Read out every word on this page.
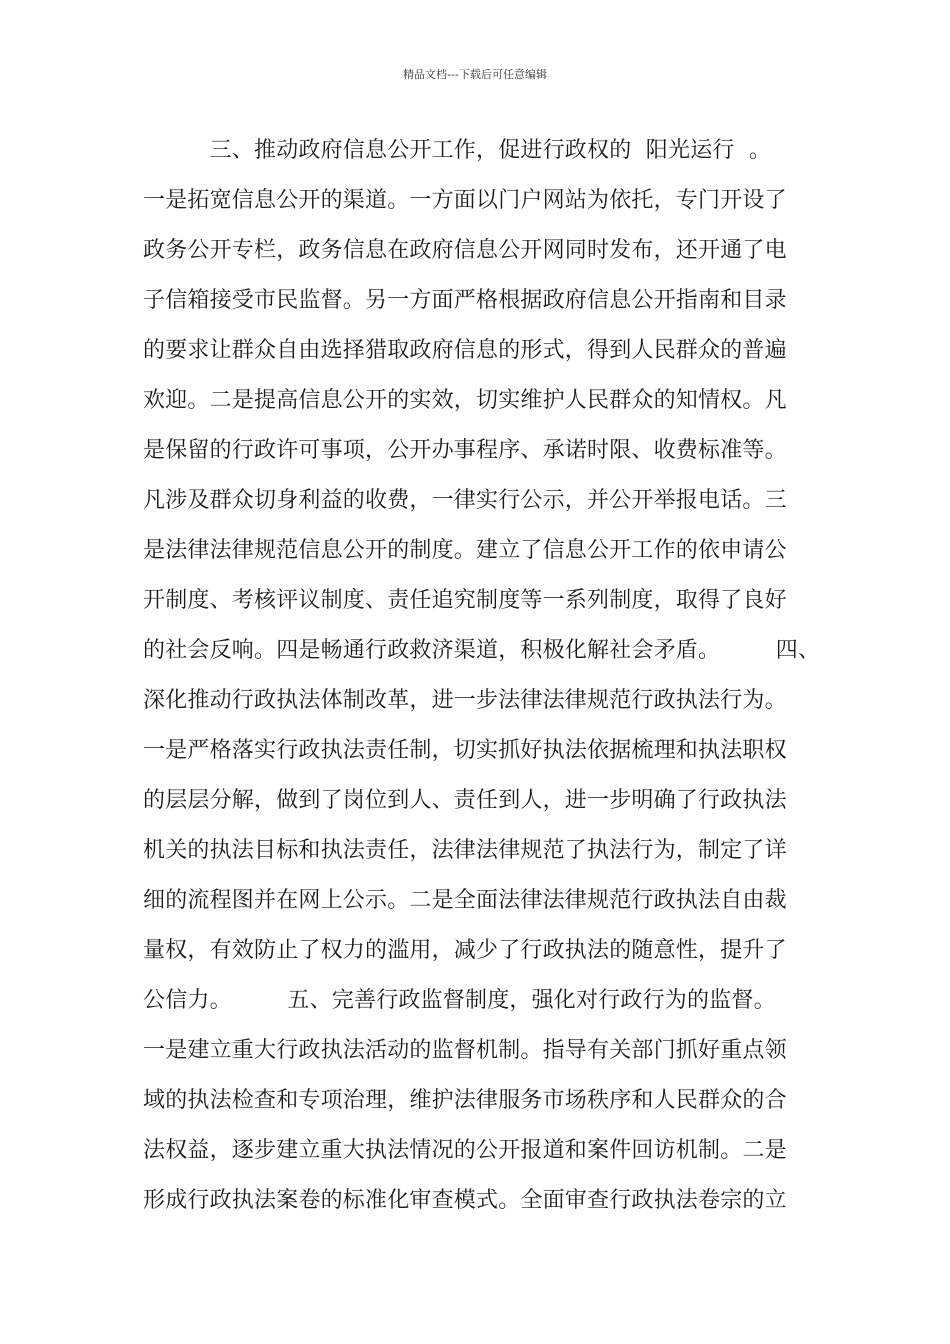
精品文档---下载后可任意编辑
　　　三、推动政府信息公开工作，促进行政权的  阳光运行  。
一是拓宽信息公开的渠道。一方面以门户网站为依托，专门开设了
政务公开专栏，政务信息在政府信息公开网同时发布，还开通了电
子信箱接受市民监督。另一方面严格根据政府信息公开指南和目录
的要求让群众自由选择猎取政府信息的形式，得到人民群众的普遍
欢迎。二是提高信息公开的实效，切实维护人民群众的知情权。凡
是保留的行政许可事项，公开办事程序、承诺时限、收费标准等。
凡涉及群众切身利益的收费，一律实行公示，并公开举报电话。三
是法律法律规范信息公开的制度。建立了信息公开工作的依申请公
开制度、考核评议制度、责任追究制度等一系列制度，取得了良好
的社会反响。四是畅通行政救济渠道，积极化解社会矛盾。　　　四、
深化推动行政执法体制改革，进一步法律法律规范行政执法行为。
一是严格落实行政执法责任制，切实抓好执法依据梳理和执法职权
的层层分解，做到了岗位到人、责任到人，进一步明确了行政执法
机关的执法目标和执法责任，法律法律规范了执法行为，制定了详
细的流程图并在网上公示。二是全面法律法律规范行政执法自由裁
量权，有效防止了权力的滥用，减少了行政执法的随意性，提升了
公信力。　　　五、完善行政监督制度，强化对行政行为的监督。
一是建立重大行政执法活动的监督机制。指导有关部门抓好重点领
域的执法检查和专项治理，维护法律服务市场秩序和人民群众的合
法权益，逐步建立重大执法情况的公开报道和案件回访机制。二是
形成行政执法案卷的标准化审查模式。全面审查行政执法卷宗的立
